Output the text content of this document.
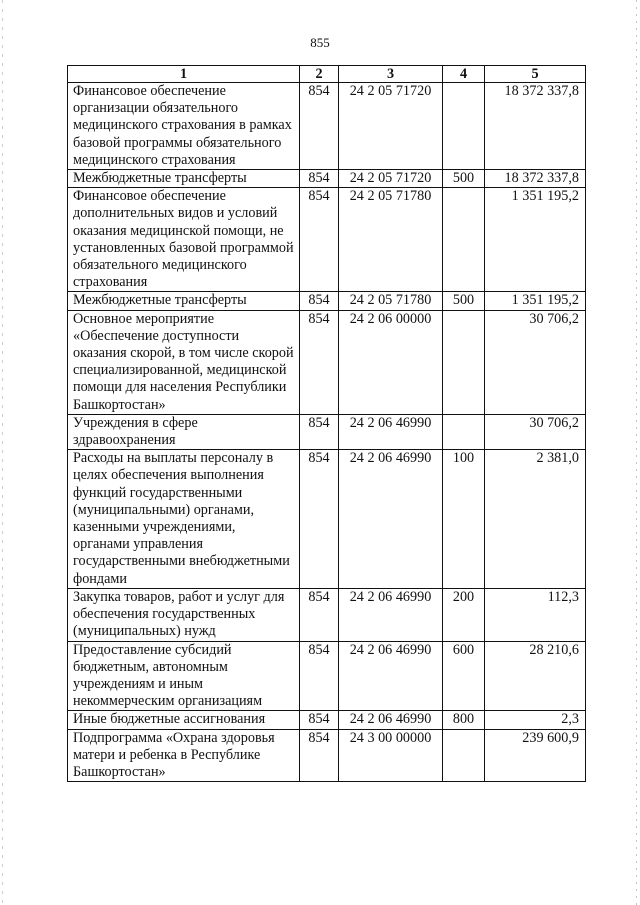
855
1	2	3	4	5
Финансовое обеспечение организации обязательного медицинского страхования в рамках базовой программы обязательного медицинского страхования	854	24 2 05 71720		18 372 337,8
Межбюджетные трансферты	854	24 2 05 71720	500	18 372 337,8
Финансовое обеспечение дополнительных видов и условий оказания медицинской помощи, не установленных базовой программой обязательного медицинского страхования	854	24 2 05 71780		1 351 195,2
Межбюджетные трансферты	854	24 2 05 71780	500	1 351 195,2
Основное мероприятие «Обеспечение доступности оказания скорой, в том числе скорой специализированной, медицинской помощи для населения Республики Башкортостан»	854	24 2 06 00000		30 706,2
Учреждения в сфере здравоохранения	854	24 2 06 46990		30 706,2
Расходы на выплаты персоналу в целях обеспечения выполнения функций государственными (муниципальными) органами, казенными учреждениями, органами управления государственными внебюджетными фондами	854	24 2 06 46990	100	2 381,0
Закупка товаров, работ и услуг для обеспечения государственных (муниципальных) нужд	854	24 2 06 46990	200	112,3
Предоставление субсидий бюджетным, автономным учреждениям и иным некоммерческим организациям	854	24 2 06 46990	600	28 210,6
Иные бюджетные ассигнования	854	24 2 06 46990	800	2,3
Подпрограмма «Охрана здоровья матери и ребенка в Республике Башкортостан»	854	24 3 00 00000		239 600,9
